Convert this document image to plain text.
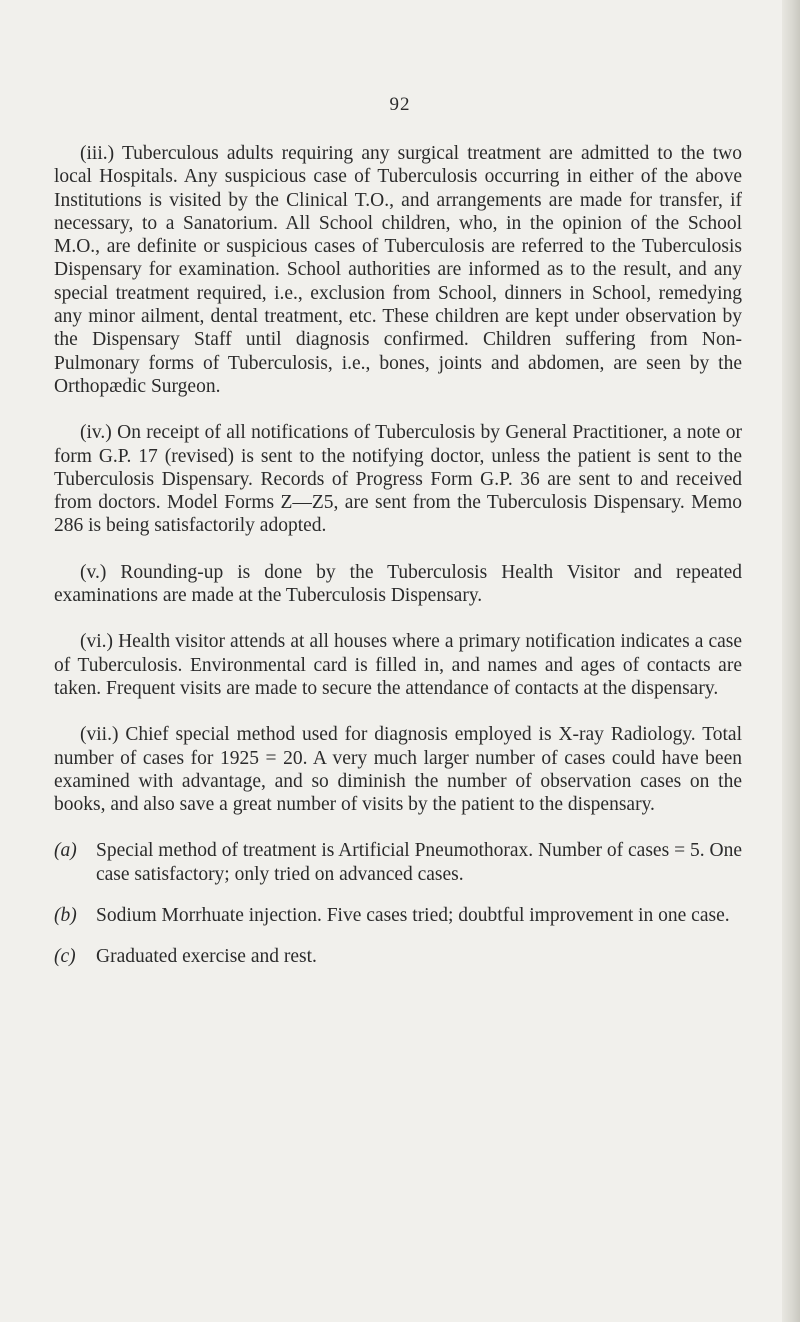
92

(iii.) Tuberculous adults requiring any surgical treatment are admitted to the two local Hospitals. Any suspicious case of Tuberculosis occurring in either of the above Institutions is visited by the Clinical T.O., and arrangements are made for transfer, if necessary, to a Sanatorium. All School children, who, in the opinion of the School M.O., are definite or suspicious cases of Tuberculosis are referred to the Tuberculosis Dispensary for examination. School authorities are informed as to the result, and any special treatment required, i.e., exclusion from School, dinners in School, remedying any minor ailment, dental treatment, etc. These children are kept under observation by the Dispensary Staff until diagnosis confirmed. Children suffering from Non-Pulmonary forms of Tuberculosis, i.e., bones, joints and abdomen, are seen by the Orthopædic Surgeon.

(iv.) On receipt of all notifications of Tuberculosis by General Practitioner, a note or form G.P. 17 (revised) is sent to the notifying doctor, unless the patient is sent to the Tuberculosis Dispensary. Records of Progress Form G.P. 36 are sent to and received from doctors. Model Forms Z—Z5, are sent from the Tuberculosis Dispensary. Memo 286 is being satisfactorily adopted.

(v.) Rounding-up is done by the Tuberculosis Health Visitor and repeated examinations are made at the Tuberculosis Dispensary.

(vi.) Health visitor attends at all houses where a primary notification indicates a case of Tuberculosis. Environmental card is filled in, and names and ages of contacts are taken. Frequent visits are made to secure the attendance of contacts at the dispensary.

(vii.) Chief special method used for diagnosis employed is X-ray Radiology. Total number of cases for 1925 = 20. A very much larger number of cases could have been examined with advantage, and so diminish the number of observation cases on the books, and also save a great number of visits by the patient to the dispensary.

(a) Special method of treatment is Artificial Pneumothorax. Number of cases = 5. One case satisfactory; only tried on advanced cases.
(b) Sodium Morrhuate injection. Five cases tried; doubtful improvement in one case.
(c)	Graduated exercise and rest.
